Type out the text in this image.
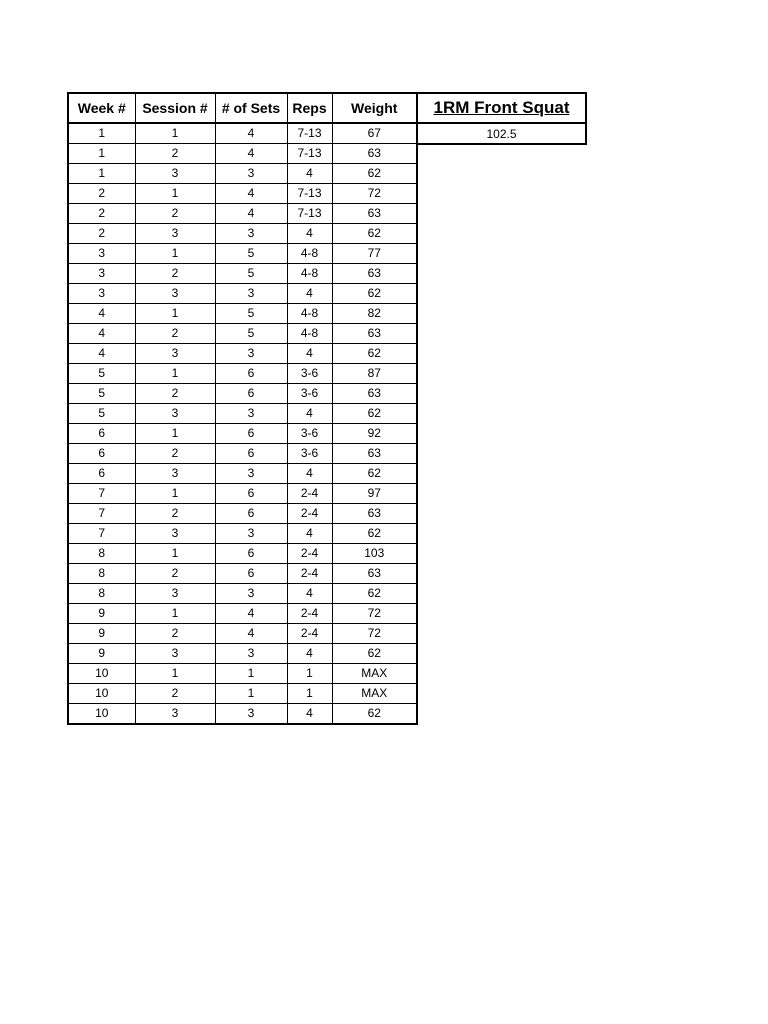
Week #	Session #	# of Sets	Reps	Weight
1	1	4	7-13	67
1	2	4	7-13	63
1	3	3	4	62
2	1	4	7-13	72
2	2	4	7-13	63
2	3	3	4	62
3	1	5	4-8	77
3	2	5	4-8	63
3	3	3	4	62
4	1	5	4-8	82
4	2	5	4-8	63
4	3	3	4	62
5	1	6	3-6	87
5	2	6	3-6	63
5	3	3	4	62
6	1	6	3-6	92
6	2	6	3-6	63
6	3	3	4	62
7	1	6	2-4	97
7	2	6	2-4	63
7	3	3	4	62
8	1	6	2-4	103
8	2	6	2-4	63
8	3	3	4	62
9	1	4	2-4	72
9	2	4	2-4	72
9	3	3	4	62
10	1	1	1	MAX
10	2	1	1	MAX
10	3	3	4	62
1RM Front Squat
102.5
